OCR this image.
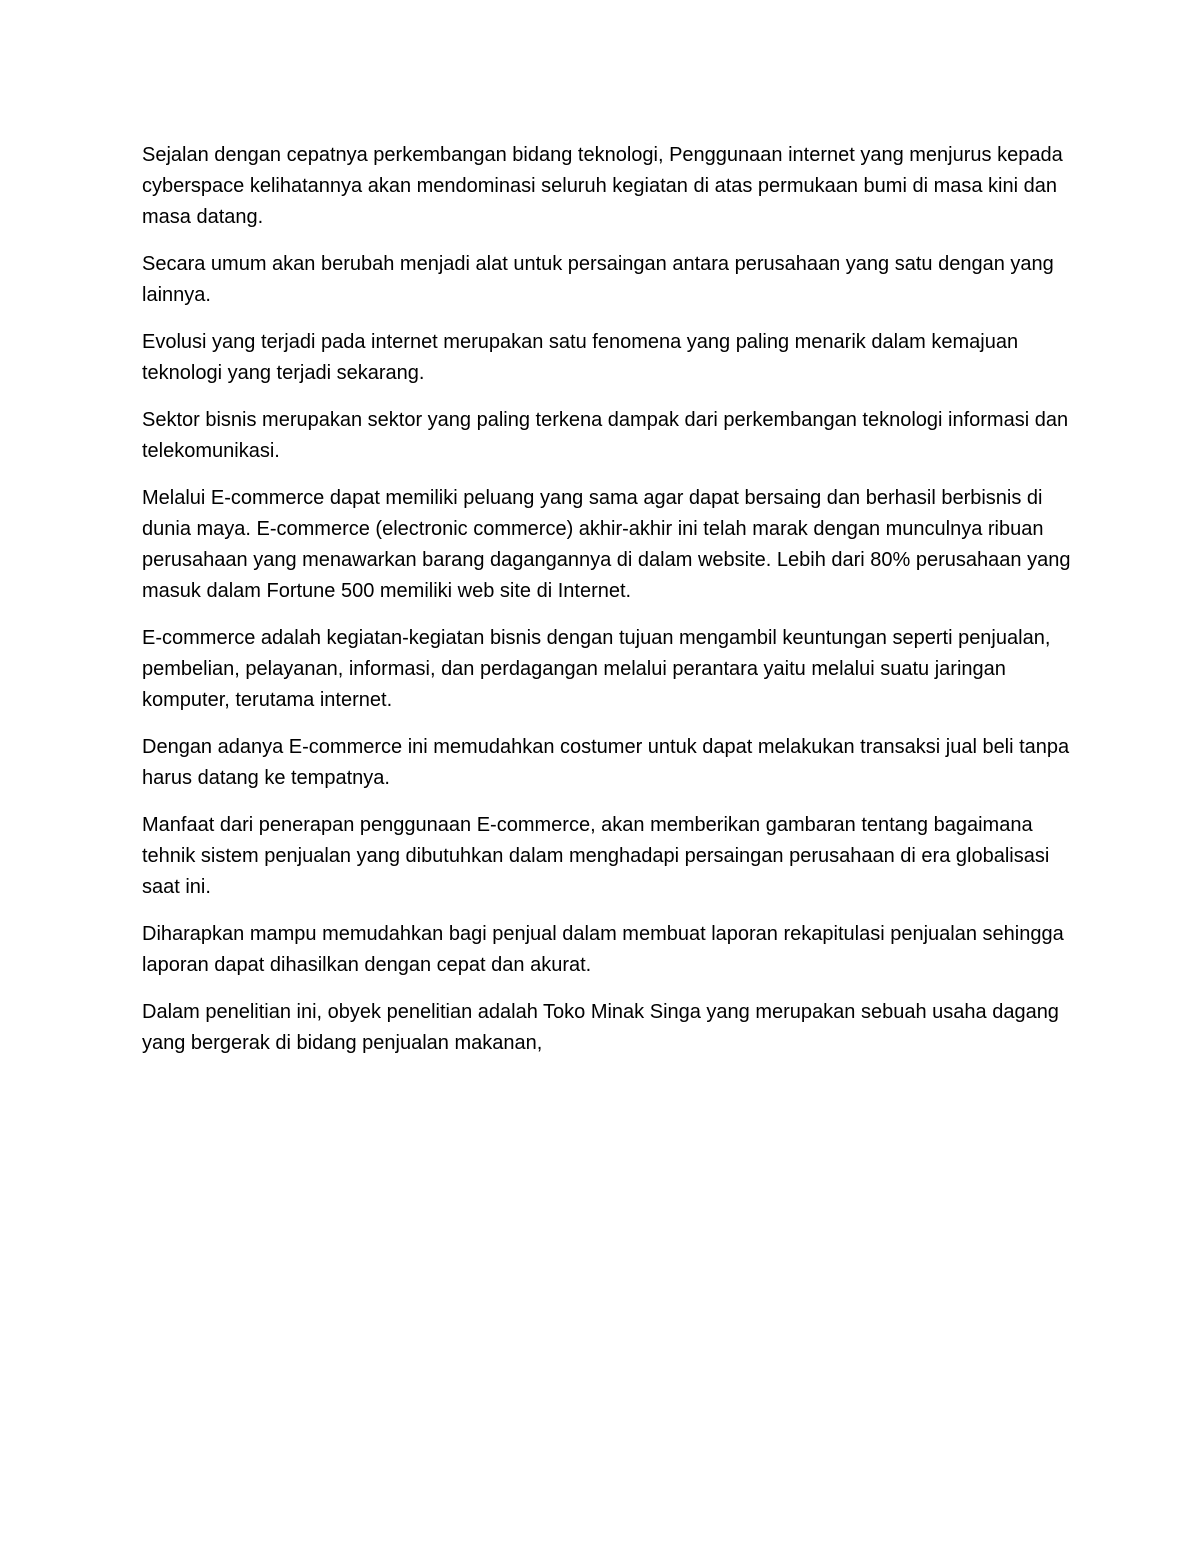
Sejalan dengan cepatnya perkembangan bidang teknologi, Penggunaan internet yang menjurus kepada cyberspace kelihatannya akan mendominasi seluruh kegiatan di atas permukaan bumi di masa kini dan masa datang.

Secara umum akan berubah menjadi alat untuk persaingan antara perusahaan yang satu dengan yang lainnya.

Evolusi yang terjadi pada internet merupakan satu fenomena yang paling menarik dalam kemajuan teknologi yang terjadi sekarang.

Sektor bisnis merupakan sektor yang paling terkena dampak dari perkembangan teknologi informasi dan telekomunikasi.

Melalui E-commerce dapat memiliki peluang yang sama agar dapat bersaing dan berhasil berbisnis di dunia maya. E-commerce (electronic commerce) akhir-akhir ini telah marak dengan munculnya ribuan perusahaan yang menawarkan barang dagangannya di dalam website. Lebih dari 80% perusahaan yang masuk dalam Fortune 500 memiliki web site di Internet.

E-commerce adalah kegiatan-kegiatan bisnis dengan tujuan mengambil keuntungan seperti penjualan, pembelian, pelayanan, informasi, dan perdagangan melalui perantara yaitu melalui suatu jaringan komputer, terutama internet.

Dengan adanya E-commerce ini memudahkan costumer untuk dapat melakukan transaksi jual beli tanpa harus datang ke tempatnya.

Manfaat dari penerapan penggunaan E-commerce, akan memberikan gambaran tentang bagaimana tehnik sistem penjualan yang dibutuhkan dalam menghadapi persaingan perusahaan di era globalisasi saat ini.

Diharapkan mampu memudahkan bagi penjual dalam membuat laporan rekapitulasi penjualan sehingga laporan dapat dihasilkan dengan cepat dan akurat.

Dalam penelitian ini, obyek penelitian adalah Toko Minak Singa yang merupakan sebuah usaha dagang yang bergerak di bidang penjualan makanan,
